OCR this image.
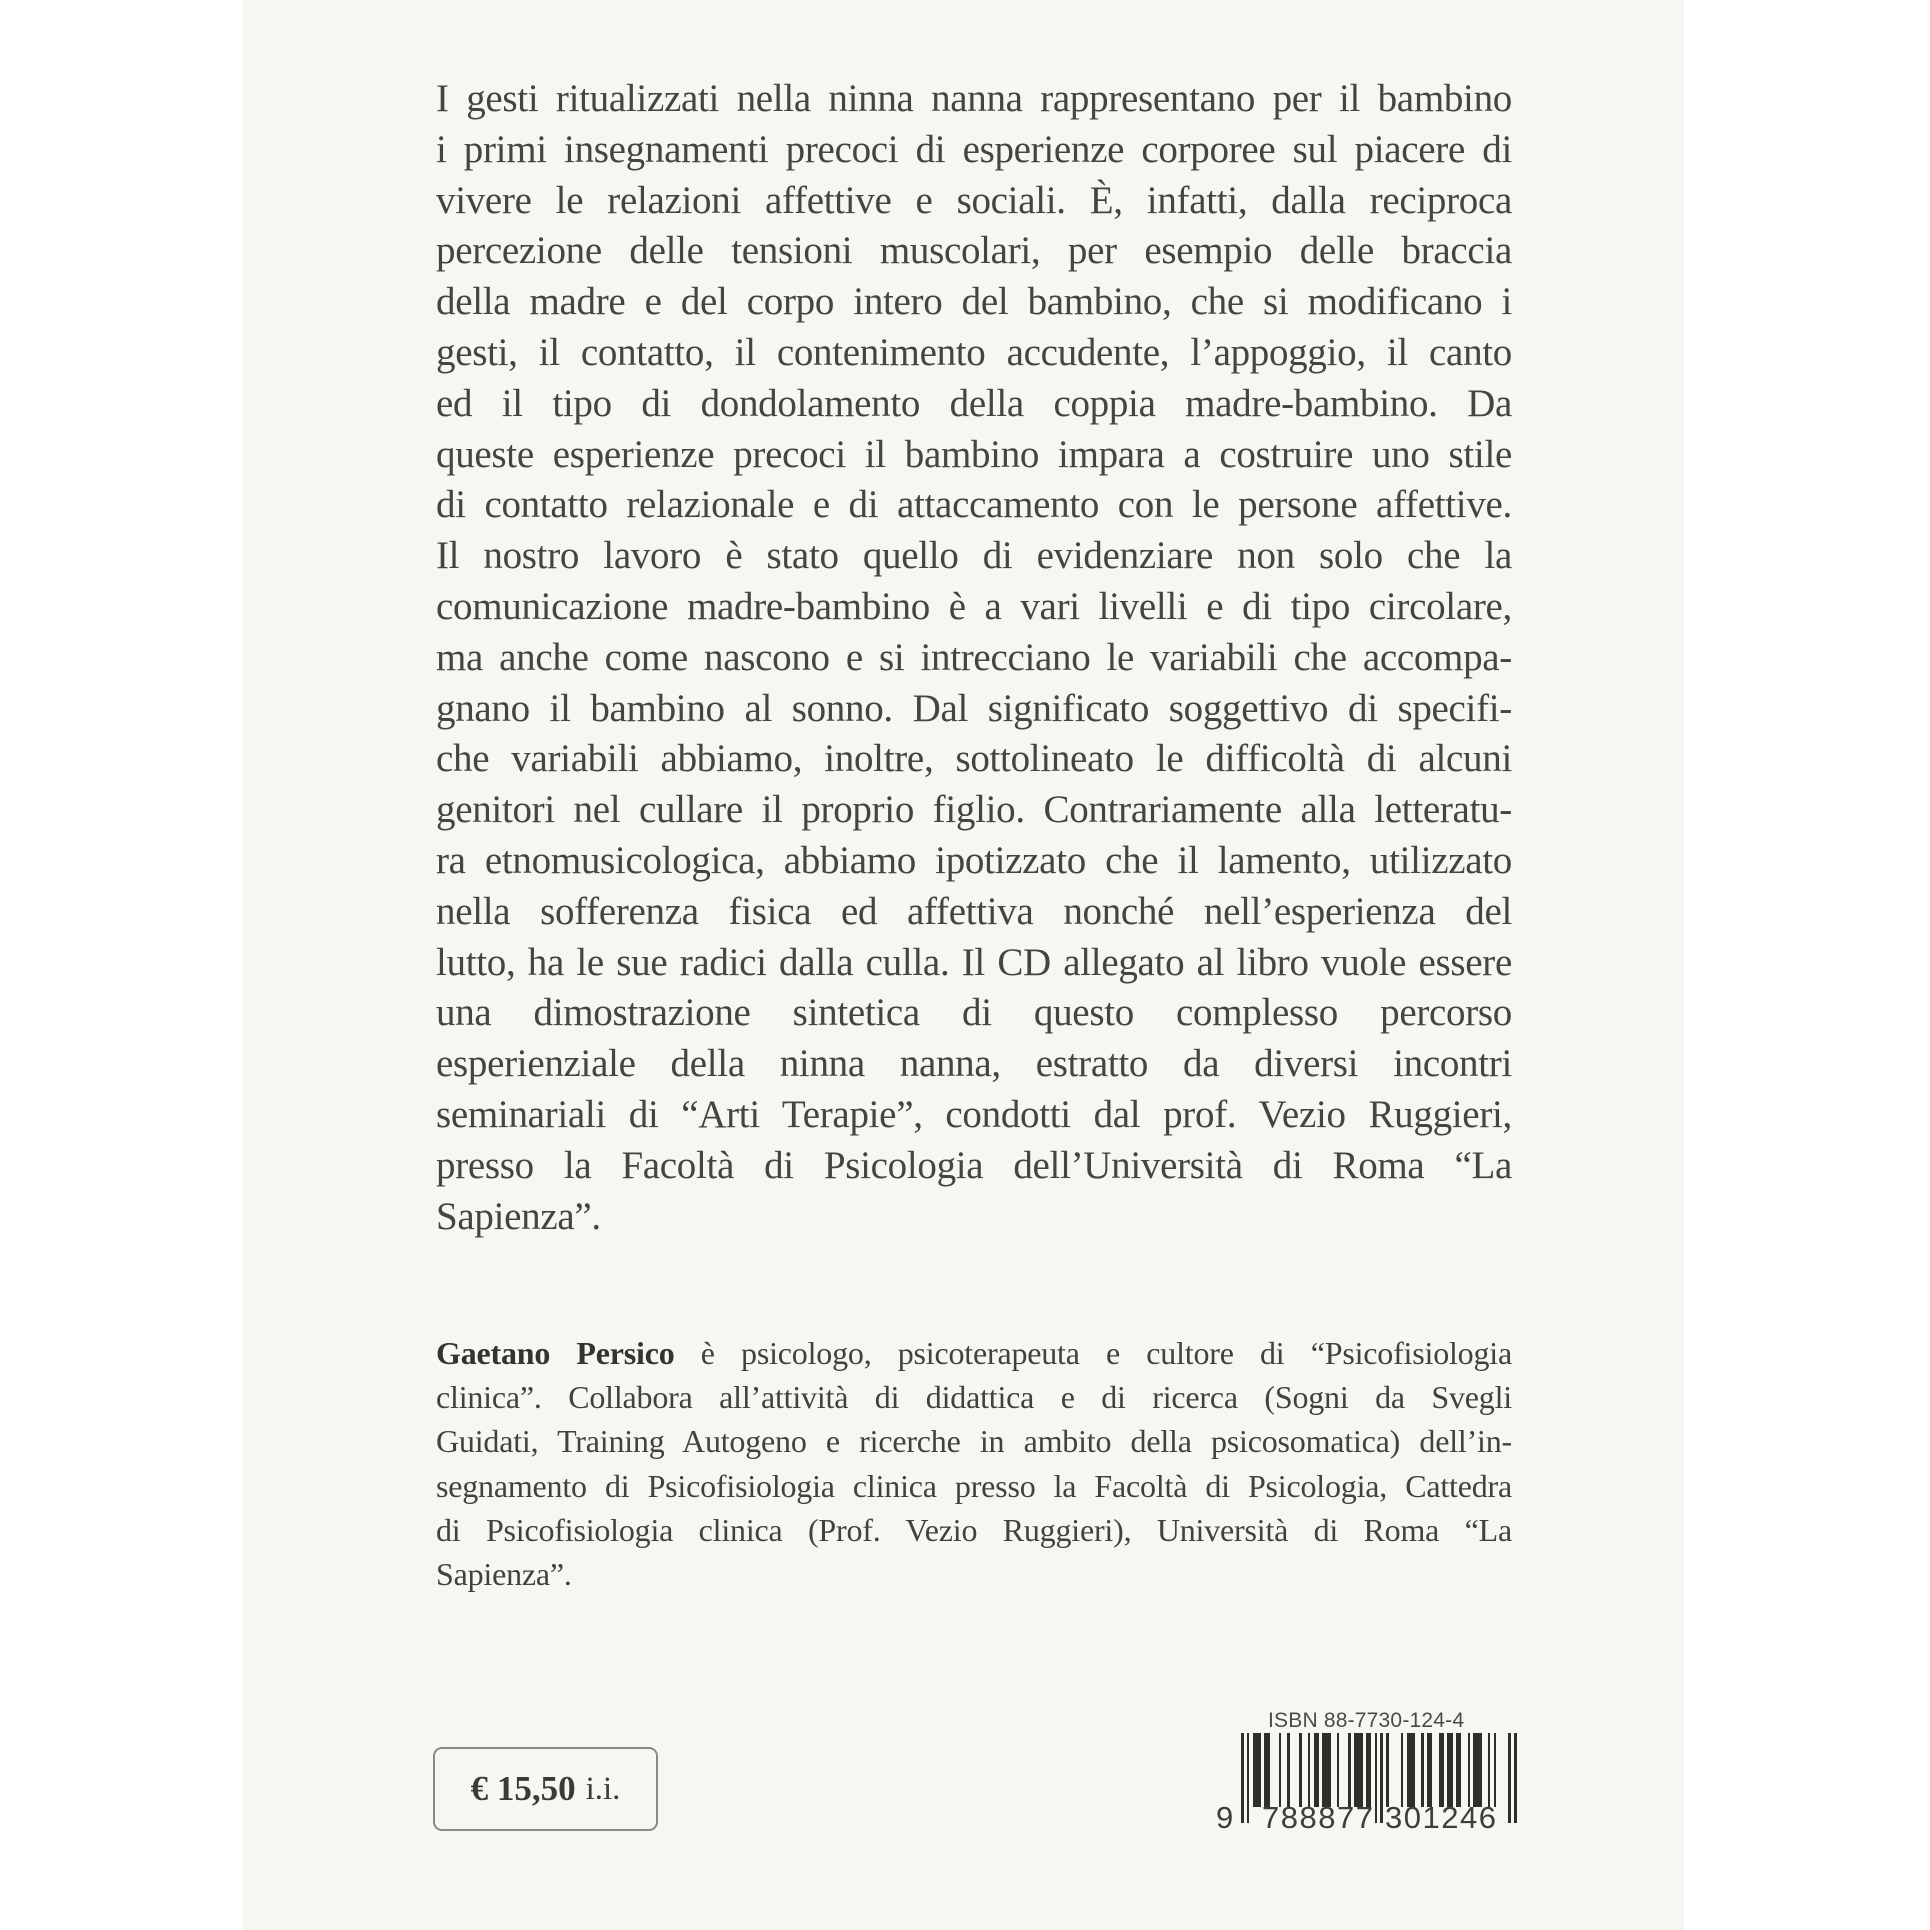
I gesti ritualizzati nella ninna nanna rappresentano per il bambino
i primi insegnamenti precoci di esperienze corporee sul piacere di
vivere le relazioni affettive e sociali. È, infatti, dalla reciproca
percezione delle tensioni muscolari, per esempio delle braccia
della madre e del corpo intero del bambino, che si modificano i
gesti, il contatto, il contenimento accudente, l’appoggio, il canto
ed il tipo di dondolamento della coppia madre-bambino. Da
queste esperienze precoci il bambino impara a costruire uno stile
di contatto relazionale e di attaccamento con le persone affettive.
Il nostro lavoro è stato quello di evidenziare non solo che la
comunicazione madre-bambino è a vari livelli e di tipo circolare,
ma anche come nascono e si intrecciano le variabili che accompa-
gnano il bambino al sonno. Dal significato soggettivo di specifi-
che variabili abbiamo, inoltre, sottolineato le difficoltà di alcuni
genitori nel cullare il proprio figlio. Contrariamente alla letteratu-
ra etnomusicologica, abbiamo ipotizzato che il lamento, utilizzato
nella sofferenza fisica ed affettiva nonché nell’esperienza del
lutto, ha le sue radici dalla culla. Il CD allegato al libro vuole essere
una dimostrazione sintetica di questo complesso percorso
esperienziale della ninna nanna, estratto da diversi incontri
seminariali di “Arti Terapie”, condotti dal prof. Vezio Ruggieri,
presso la Facoltà di Psicologia dell’Università di Roma “La
Sapienza”.
Gaetano Persico è psicologo, psicoterapeuta e cultore di “Psicofisiologia
clinica”. Collabora all’attività di didattica e di ricerca (Sogni da Svegli
Guidati, Training Autogeno e ricerche in ambito della psicosomatica) dell’in-
segnamento di Psicofisiologia clinica presso la Facoltà di Psicologia, Cattedra
di Psicofisiologia clinica (Prof. Vezio Ruggieri), Università di Roma “La
Sapienza”.
€ 15,50 i.i.
ISBN 88-7730-124-4
9 788877 301246
